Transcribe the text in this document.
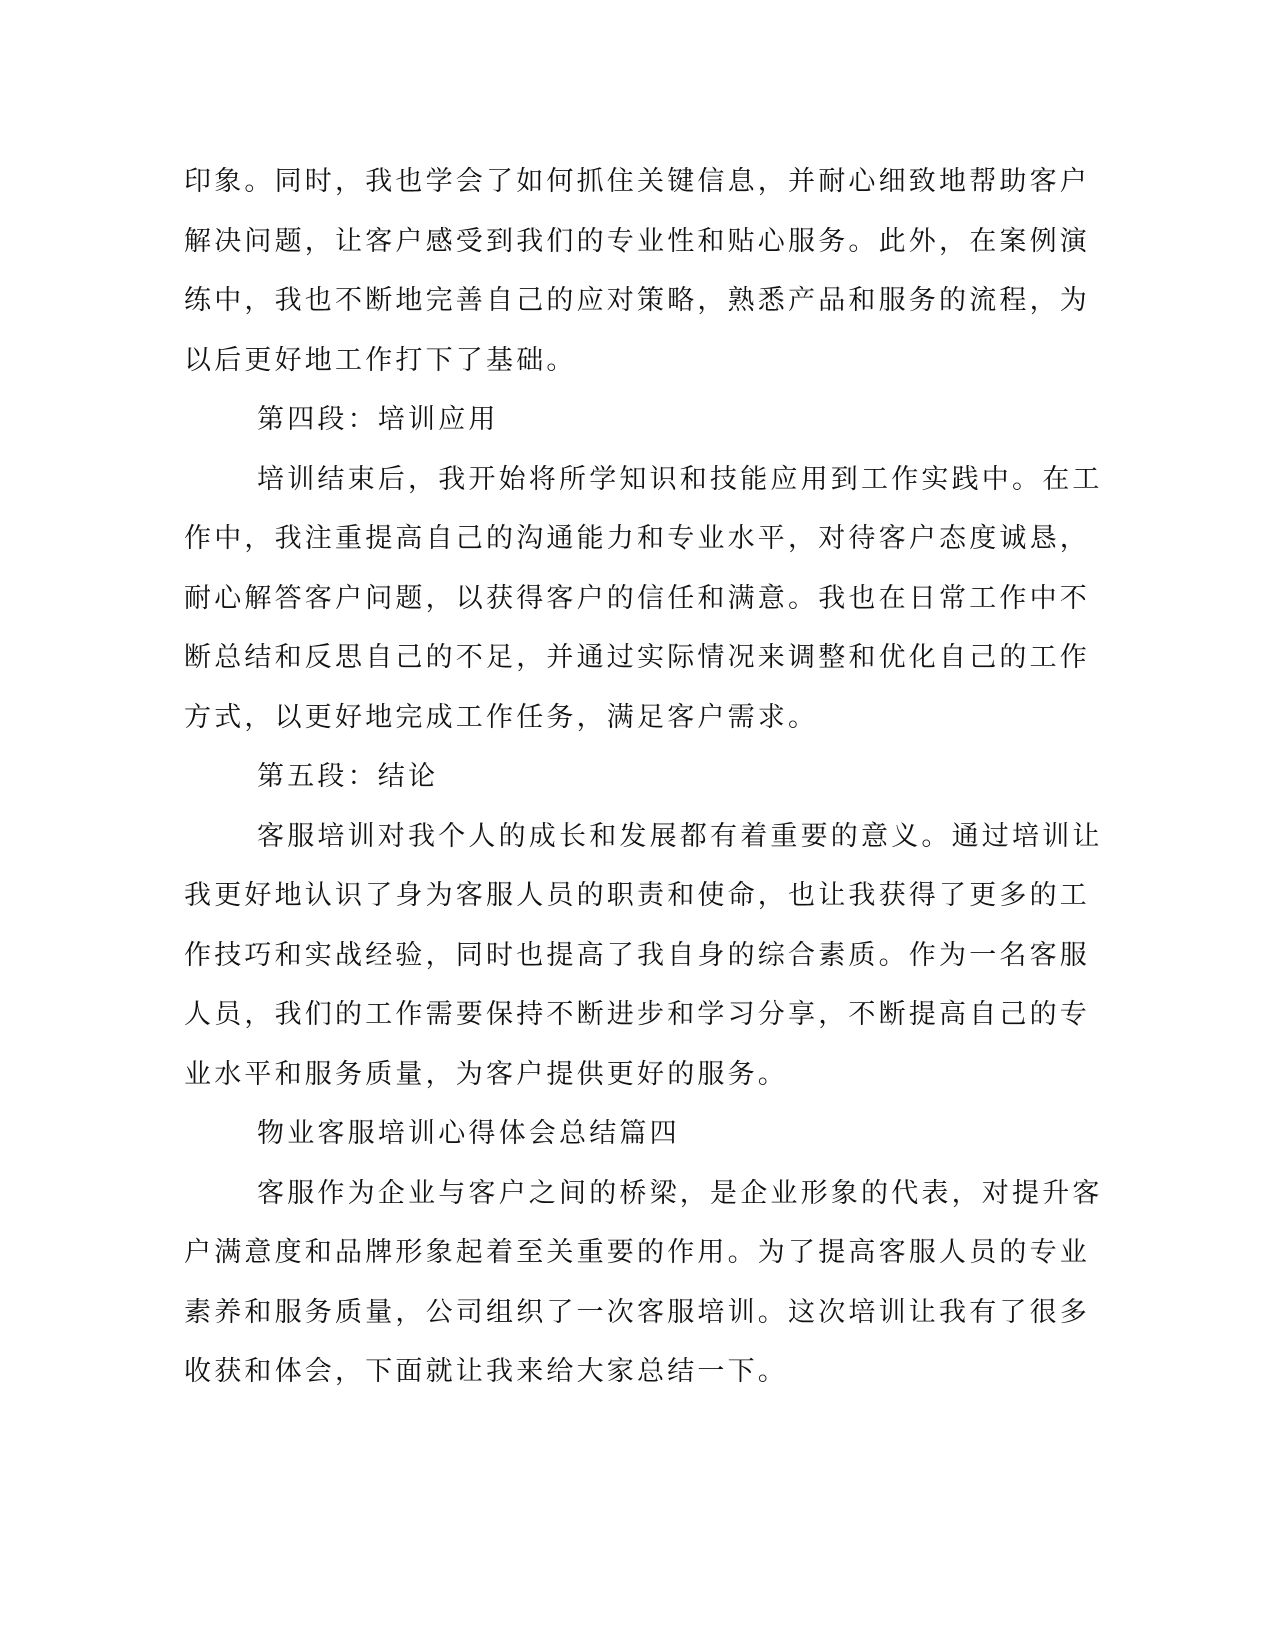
印象。同时，我也学会了如何抓住关键信息，并耐心细致地帮助客户
解决问题，让客户感受到我们的专业性和贴心服务。此外，在案例演
练中，我也不断地完善自己的应对策略，熟悉产品和服务的流程，为
以后更好地工作打下了基础。

第四段：培训应用

培训结束后，我开始将所学知识和技能应用到工作实践中。在工
作中，我注重提高自己的沟通能力和专业水平，对待客户态度诚恳，
耐心解答客户问题，以获得客户的信任和满意。我也在日常工作中不
断总结和反思自己的不足，并通过实际情况来调整和优化自己的工作
方式，以更好地完成工作任务，满足客户需求。

第五段：结论

客服培训对我个人的成长和发展都有着重要的意义。通过培训让
我更好地认识了身为客服人员的职责和使命，也让我获得了更多的工
作技巧和实战经验，同时也提高了我自身的综合素质。作为一名客服
人员，我们的工作需要保持不断进步和学习分享，不断提高自己的专
业水平和服务质量，为客户提供更好的服务。

物业客服培训心得体会总结篇四

客服作为企业与客户之间的桥梁，是企业形象的代表，对提升客
户满意度和品牌形象起着至关重要的作用。为了提高客服人员的专业
素养和服务质量，公司组织了一次客服培训。这次培训让我有了很多
收获和体会，下面就让我来给大家总结一下。
